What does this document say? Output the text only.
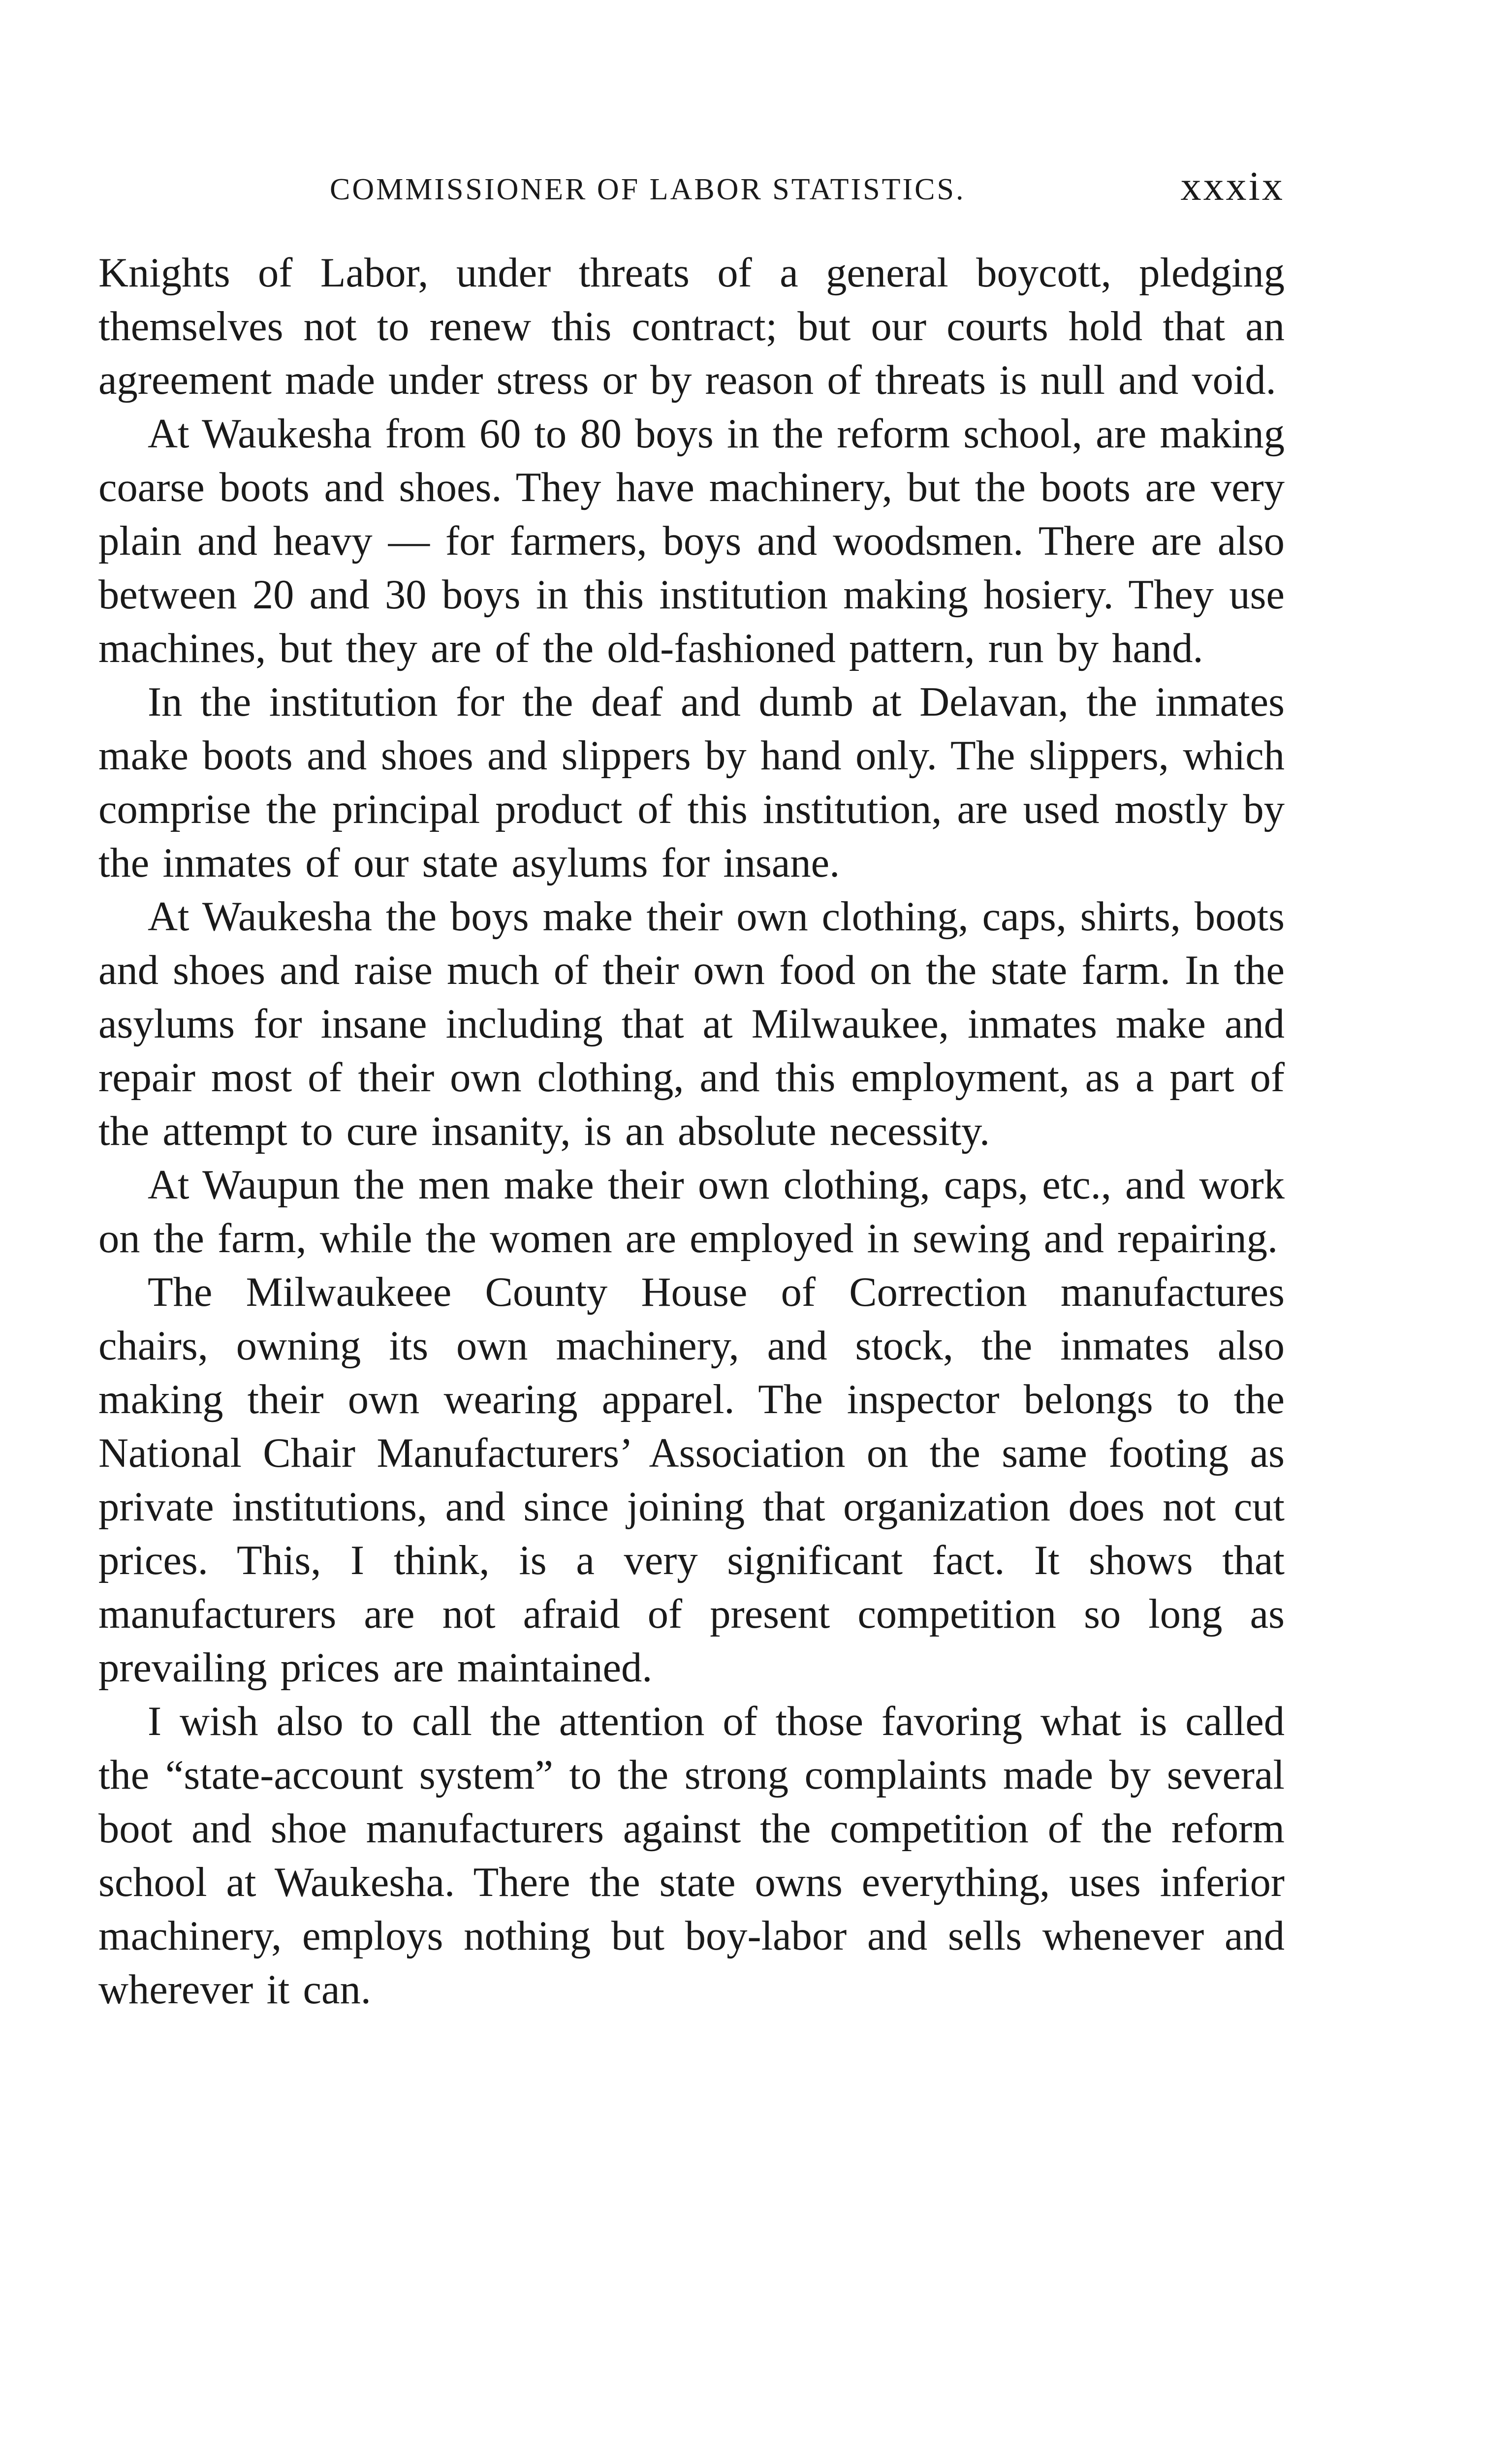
COMMISSIONER OF LABOR STATISTICS.	xxxix

Knights of Labor, under threats of a general boycott, pledging themselves not to renew this contract; but our courts hold that an agreement made under stress or by reason of threats is null and void.

At Waukesha from 60 to 80 boys in the reform school, are making coarse boots and shoes. They have machinery, but the boots are very plain and heavy — for farmers, boys and woodsmen. There are also between 20 and 30 boys in this institution making hosiery. They use machines, but they are of the old-fashioned pattern, run by hand.

In the institution for the deaf and dumb at Delavan, the inmates make boots and shoes and slippers by hand only. The slippers, which comprise the principal product of this institution, are used mostly by the inmates of our state asylums for insane.

At Waukesha the boys make their own clothing, caps, shirts, boots and shoes and raise much of their own food on the state farm. In the asylums for insane including that at Milwaukee, inmates make and repair most of their own clothing, and this employment, as a part of the attempt to cure insanity, is an absolute necessity.

At Waupun the men make their own clothing, caps, etc., and work on the farm, while the women are employed in sewing and repairing.

The Milwaukeee County House of Correction manufactures chairs, owning its own machinery, and stock, the inmates also making their own wearing apparel. The inspector belongs to the National Chair Manufacturers’ Association on the same footing as private institutions, and since joining that organization does not cut prices. This, I think, is a very significant fact. It shows that manufacturers are not afraid of present competition so long as prevailing prices are maintained.

I wish also to call the attention of those favoring what is called the “state-account system” to the strong complaints made by several boot and shoe manufacturers against the competition of the reform school at Waukesha. There the state owns everything, uses inferior machinery, employs nothing but boy-labor and sells whenever and wherever it can.
